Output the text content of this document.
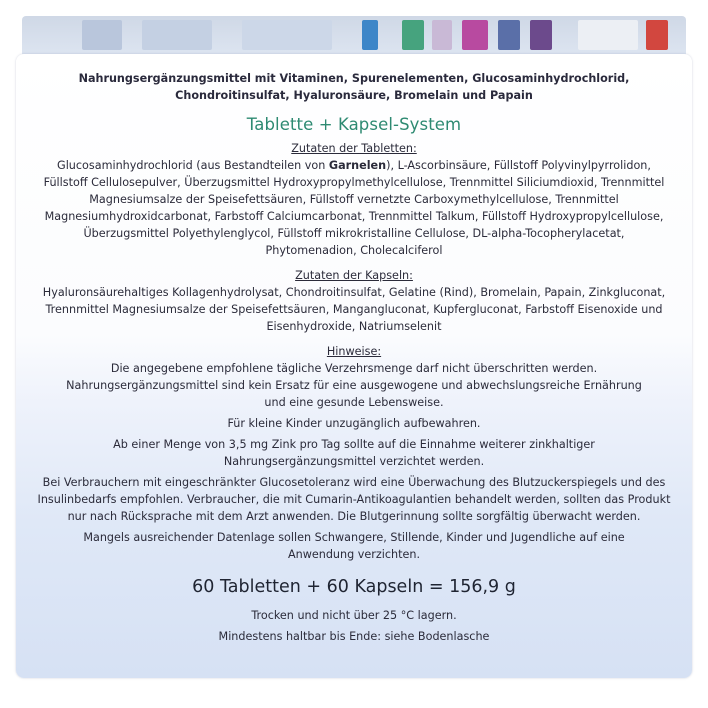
Nahrungsergänzungsmittel mit Vitaminen, Spurenelementen, Glucosaminhydrochlorid,
Chondroitinsulfat, Hyaluronsäure, Bromelain und Papain
Tablette + Kapsel-System
Zutaten der Tabletten:
Glucosaminhydrochlorid (aus Bestandteilen von Garnelen), L-Ascorbinsäure, Füllstoff Polyvinylpyrrolidon,
Füllstoff Cellulosepulver, Überzugsmittel Hydroxypropylmethylcellulose, Trennmittel Siliciumdioxid, Trennmittel
Magnesiumsalze der Speisefettsäuren, Füllstoff vernetzte Carboxymethylcellulose, Trennmittel
Magnesiumhydroxidcarbonat, Farbstoff Calciumcarbonat, Trennmittel Talkum, Füllstoff Hydroxypropylcellulose,
Überzugsmittel Polyethylenglycol, Füllstoff mikrokristalline Cellulose, DL-alpha-Tocopherylacetat,
Phytomenadion, Cholecalciferol
Zutaten der Kapseln:
Hyaluronsäurehaltiges Kollagenhydrolysat, Chondroitinsulfat, Gelatine (Rind), Bromelain, Papain, Zinkgluconat,
Trennmittel Magnesiumsalze der Speisefettsäuren, Mangangluconat, Kupfergluconat, Farbstoff Eisenoxide und
Eisenhydroxide, Natriumselenit
Hinweise:
Die angegebene empfohlene tägliche Verzehrsmenge darf nicht überschritten werden.
Nahrungsergänzungsmittel sind kein Ersatz für eine ausgewogene und abwechslungsreiche Ernährung
und eine gesunde Lebensweise.
Für kleine Kinder unzugänglich aufbewahren.
Ab einer Menge von 3,5 mg Zink pro Tag sollte auf die Einnahme weiterer zinkhaltiger
Nahrungsergänzungsmittel verzichtet werden.
Bei Verbrauchern mit eingeschränkter Glucosetoleranz wird eine Überwachung des Blutzuckerspiegels und des
Insulinbedarfs empfohlen. Verbraucher, die mit Cumarin-Antikoagulantien behandelt werden, sollten das Produkt
nur nach Rücksprache mit dem Arzt anwenden. Die Blutgerinnung sollte sorgfältig überwacht werden.
Mangels ausreichender Datenlage sollen Schwangere, Stillende, Kinder und Jugendliche auf eine
Anwendung verzichten.
60 Tabletten + 60 Kapseln = 156,9 g
Trocken und nicht über 25 °C lagern.
Mindestens haltbar bis Ende: siehe Bodenlasche
